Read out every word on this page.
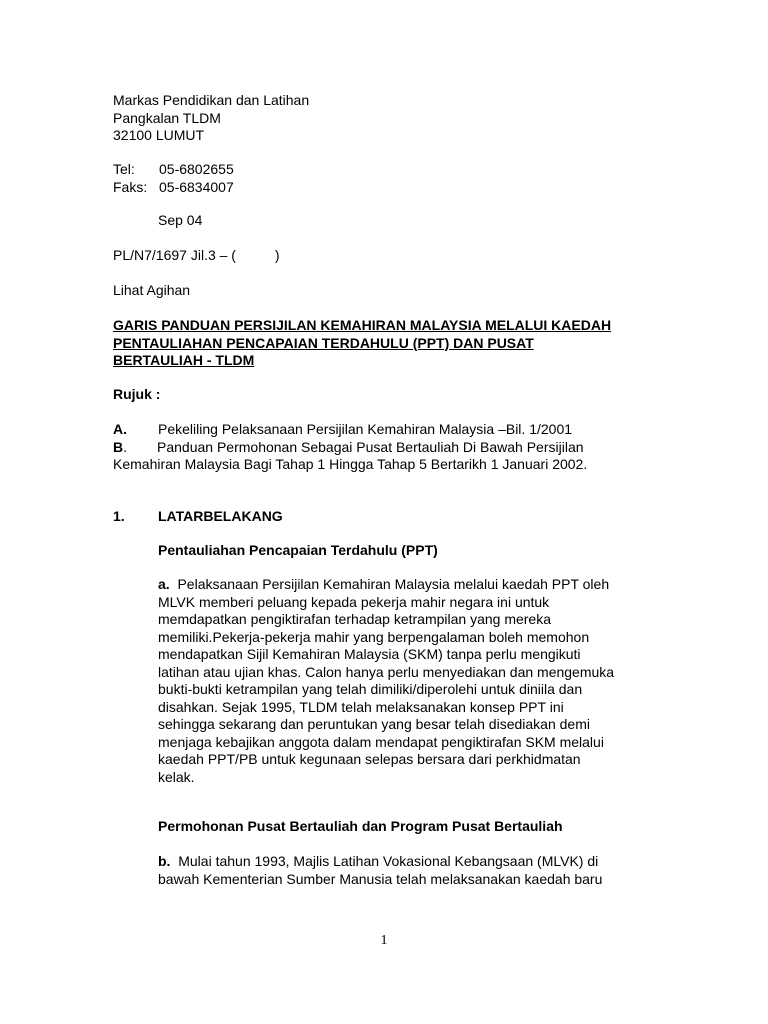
Markas Pendidikan dan Latihan
Pangkalan TLDM
32100 LUMUT
Tel: 05-6802655
Faks: 05-6834007
Sep 04
PL/N7/1697 Jil.3 – (          )
Lihat Agihan
GARIS PANDUAN PERSIJILAN KEMAHIRAN MALAYSIA MELALUI KAEDAH
PENTAULIAHAN PENCAPAIAN TERDAHULU (PPT) DAN PUSAT
BERTAULIAH - TLDM
Rujuk :
A. Pekeliling Pelaksanaan Persijilan Kemahiran Malaysia –Bil. 1/2001
B. Panduan Permohonan Sebagai Pusat Bertauliah Di Bawah Persijilan
Kemahiran Malaysia Bagi Tahap 1 Hingga Tahap 5 Bertarikh 1 Januari 2002.
1. LATARBELAKANG
Pentauliahan Pencapaian Terdahulu (PPT)
a. Pelaksanaan Persijilan Kemahiran Malaysia melalui kaedah PPT oleh
MLVK memberi peluang kepada pekerja mahir negara ini untuk
memdapatkan pengiktirafan terhadap ketrampilan yang mereka
memiliki.Pekerja-pekerja mahir yang berpengalaman boleh memohon
mendapatkan Sijil Kemahiran Malaysia (SKM) tanpa perlu mengikuti
latihan atau ujian khas. Calon hanya perlu menyediakan dan mengemuka
bukti-bukti ketrampilan yang telah dimiliki/diperolehi untuk diniila dan
disahkan. Sejak 1995, TLDM telah melaksanakan konsep PPT ini
sehingga sekarang dan peruntukan yang besar telah disediakan demi
menjaga kebajikan anggota dalam mendapat pengiktirafan SKM melalui
kaedah PPT/PB untuk kegunaan selepas bersara dari perkhidmatan
kelak.
Permohonan Pusat Bertauliah dan Program Pusat Bertauliah
b. Mulai tahun 1993, Majlis Latihan Vokasional Kebangsaan (MLVK) di
bawah Kementerian Sumber Manusia telah melaksanakan kaedah baru
1
